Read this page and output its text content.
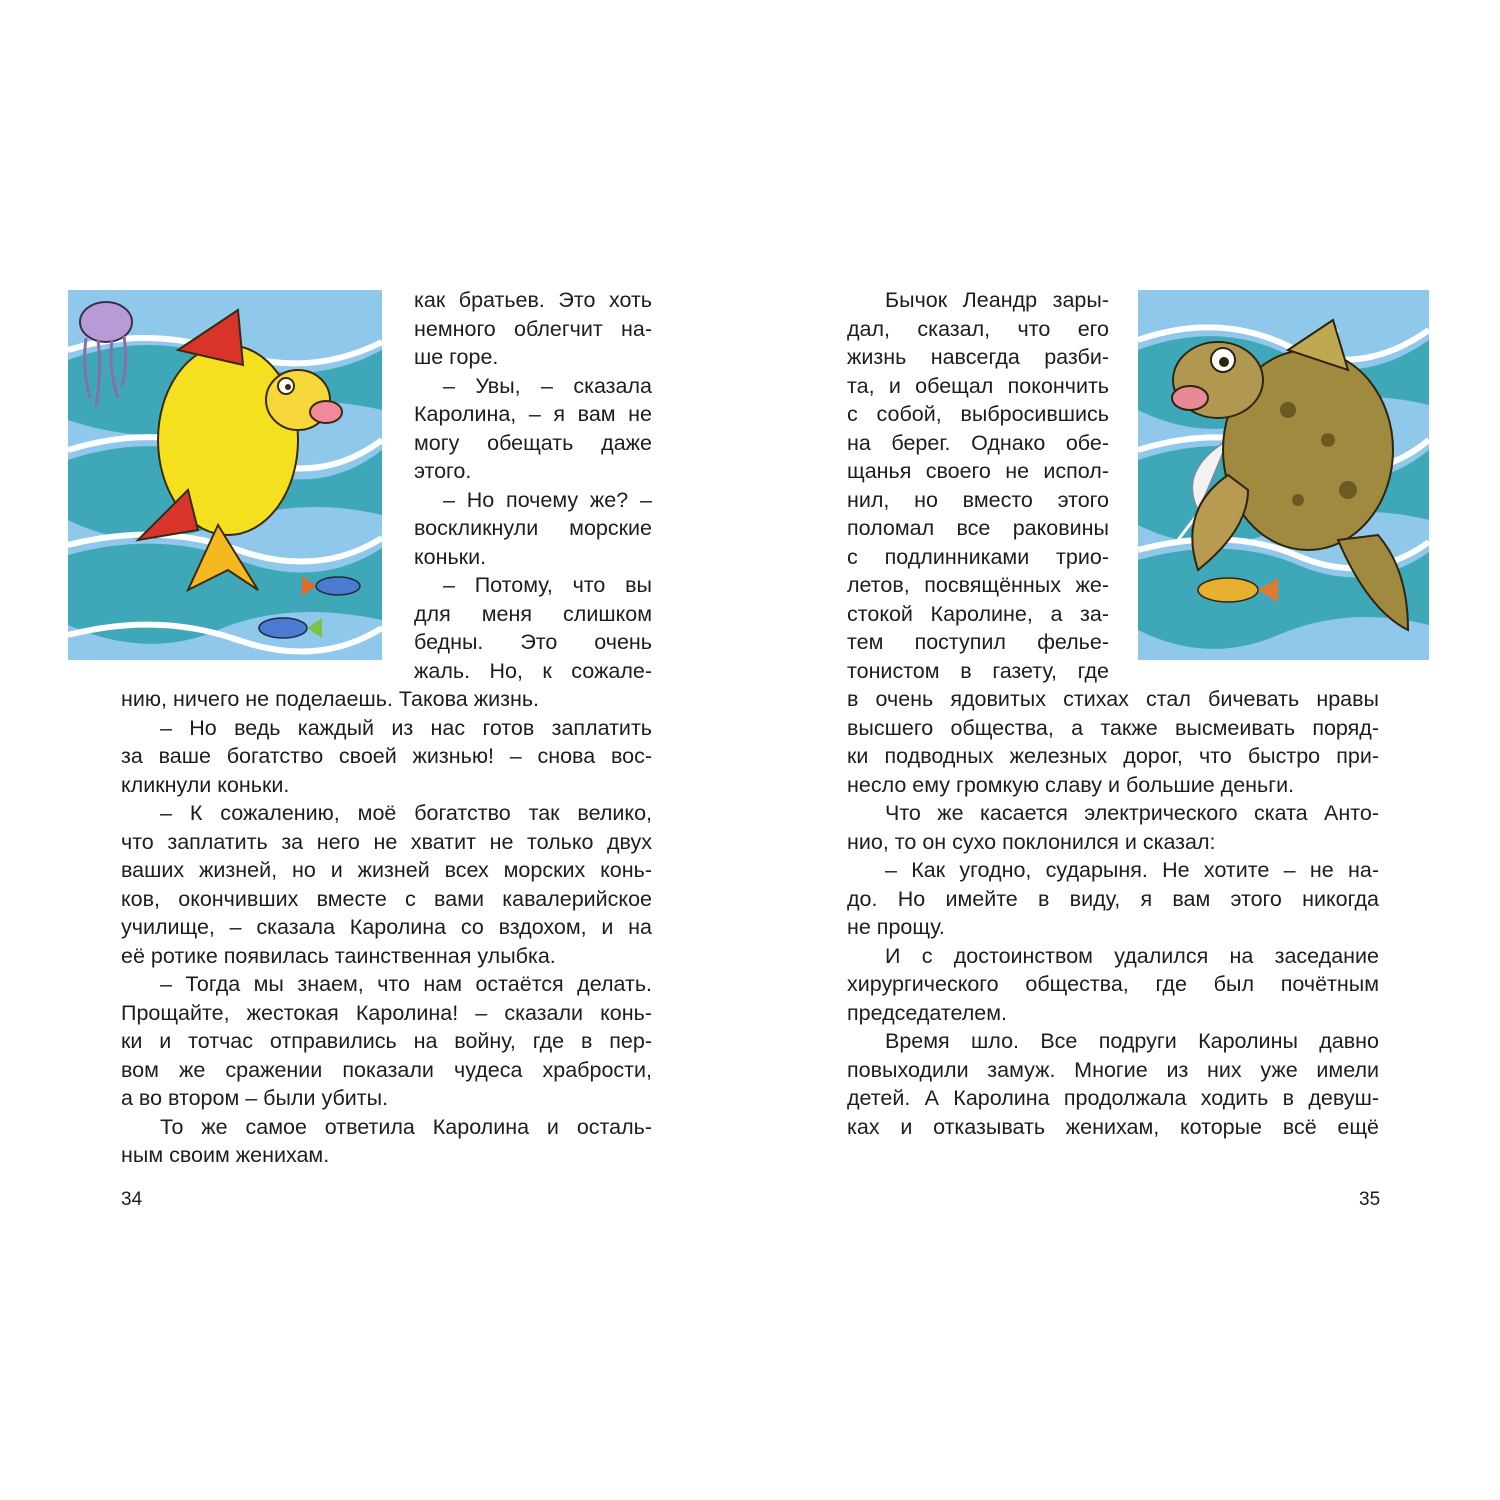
как братьев. Это хоть
немного облегчит на-
ше горе.
– Увы, – сказала
Каролина, – я вам не
могу обещать даже
этого.
– Но почему же? –
воскликнули морские
коньки.
– Потому, что вы
для меня слишком
бедны. Это очень
жаль. Но, к сожале-
нию, ничего не поделаешь. Такова жизнь.
– Но ведь каждый из нас готов заплатить
за ваше богатство своей жизнью! – снова вос-
кликнули коньки.
– К сожалению, моё богатство так велико,
что заплатить за него не хватит не только двух
ваших жизней, но и жизней всех морских конь-
ков, окончивших вместе с вами кавалерийское
училище, – сказала Каролина со вздохом, и на
её ротике появилась таинственная улыбка.
– Тогда мы знаем, что нам остаётся делать.
Прощайте, жестокая Каролина! – сказали конь-
ки и тотчас отправились на войну, где в пер-
вом же сражении показали чудеса храбрости,
а во втором – были убиты.
То же самое ответила Каролина и осталь-
ным своим женихам.
34
Бычок Леандр зары-
дал, сказал, что его
жизнь навсегда разби-
та, и обещал покончить
с собой, выбросившись
на берег. Однако обе-
щанья своего не испол-
нил, но вместо этого
поломал все раковины
с подлинниками трио-
летов, посвящённых же-
стокой Каролине, а за-
тем поступил фелье-
тонистом в газету, где
в очень ядовитых стихах стал бичевать нравы
высшего общества, а также высмеивать поряд-
ки подводных железных дорог, что быстро при-
несло ему громкую славу и большие деньги.
Что же касается электрического ската Анто-
нио, то он сухо поклонился и сказал:
– Как угодно, сударыня. Не хотите – не на-
до. Но имейте в виду, я вам этого никогда
не прощу.
И с достоинством удалился на заседание
хирургического общества, где был почётным
председателем.
Время шло. Все подруги Каролины давно
повыходили замуж. Многие из них уже имели
детей. А Каролина продолжала ходить в девуш-
ках и отказывать женихам, которые всё ещё
35
